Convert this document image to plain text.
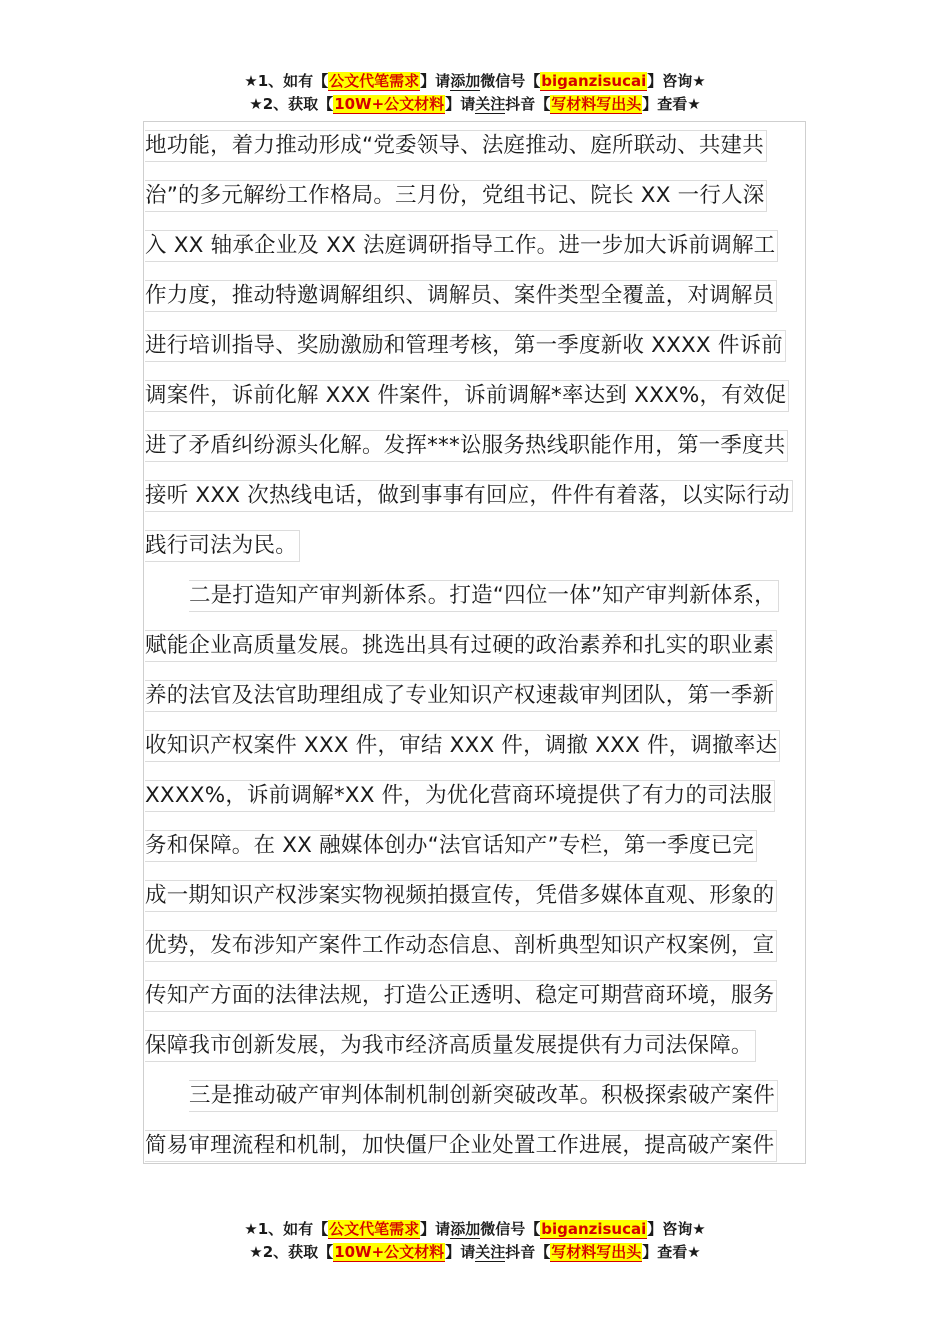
★1、如有【公文代笔需求】请添加微信号【biganzisucai】咨询★
★2、获取【10W+公文材料】请关注抖音【写材料写出头】查看★
地功能，着力推动形成“党委领导、法庭推动、庭所联动、共建共
治”的多元解纷工作格局。三月份，党组书记、院长 XX 一行人深
入 XX 轴承企业及 XX 法庭调研指导工作。进一步加大诉前调解工
作力度，推动特邀调解组织、调解员、案件类型全覆盖，对调解员
进行培训指导、奖励激励和管理考核，第一季度新收 XXXX 件诉前
调案件，诉前化解 XXX 件案件，诉前调解*率达到 XXX%，有效促
进了矛盾纠纷源头化解。发挥***讼服务热线职能作用，第一季度共
接听 XXX 次热线电话，做到事事有回应，件件有着落，以实际行动
践行司法为民。
二是打造知产审判新体系。打造“四位一体”知产审判新体系，
赋能企业高质量发展。挑选出具有过硬的政治素养和扎实的职业素
养的法官及法官助理组成了专业知识产权速裁审判团队，第一季新
收知识产权案件 XXX 件，审结 XXX 件，调撤 XXX 件，调撤率达
XXXX%，诉前调解*XX 件，为优化营商环境提供了有力的司法服
务和保障。在 XX 融媒体创办“法官话知产”专栏，第一季度已完
成一期知识产权涉案实物视频拍摄宣传，凭借多媒体直观、形象的
优势，发布涉知产案件工作动态信息、剖析典型知识产权案例，宣
传知产方面的法律法规，打造公正透明、稳定可期营商环境，服务
保障我市创新发展，为我市经济高质量发展提供有力司法保障。
三是推动破产审判体制机制创新突破改革。积极探索破产案件
简易审理流程和机制，加快僵尸企业处置工作进展，提高破产案件
★1、如有【公文代笔需求】请添加微信号【biganzisucai】咨询★
★2、获取【10W+公文材料】请关注抖音【写材料写出头】查看★
